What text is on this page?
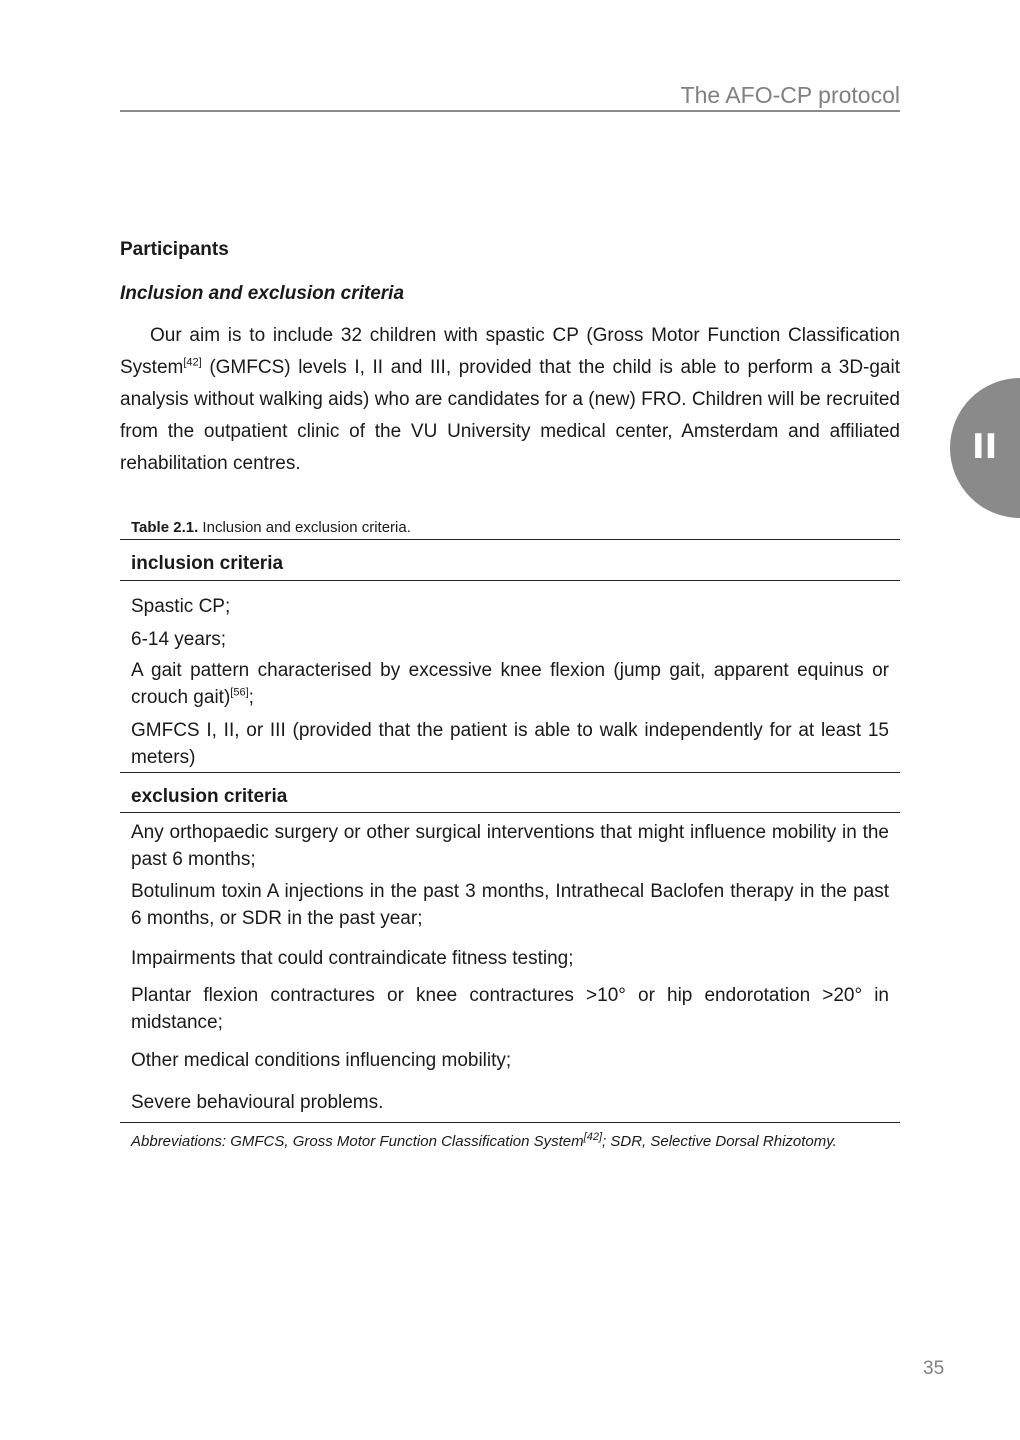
The AFO-CP protocol
II
Participants
Inclusion and exclusion criteria

Our aim is to include 32 children with spastic CP (Gross Motor Function Classification System[42] (GMFCS) levels I, II and III, provided that the child is able to perform a 3D-gait analysis without walking aids) who are candidates for a (new) FRO. Children will be recruited from the outpatient clinic of the VU University medical center, Amsterdam and affiliated rehabilitation centres.

Table 2.1. Inclusion and exclusion criteria.
inclusion criteria
Spastic CP;
6-14 years;
A gait pattern characterised by excessive knee flexion (jump gait, apparent equinus or crouch gait)[56];
GMFCS I, II, or III (provided that the patient is able to walk independently for at least 15 meters)
exclusion criteria
Any orthopaedic surgery or other surgical interventions that might influence mobility in the past 6 months;
Botulinum toxin A injections in the past 3 months, Intrathecal Baclofen therapy in the past 6 months, or SDR in the past year;
Impairments that could contraindicate fitness testing;
Plantar flexion contractures or knee contractures >10° or hip endorotation >20° in midstance;
Other medical conditions influencing mobility;
Severe behavioural problems.
Abbreviations: GMFCS, Gross Motor Function Classification System[42]; SDR, Selective Dorsal Rhizotomy.
35
